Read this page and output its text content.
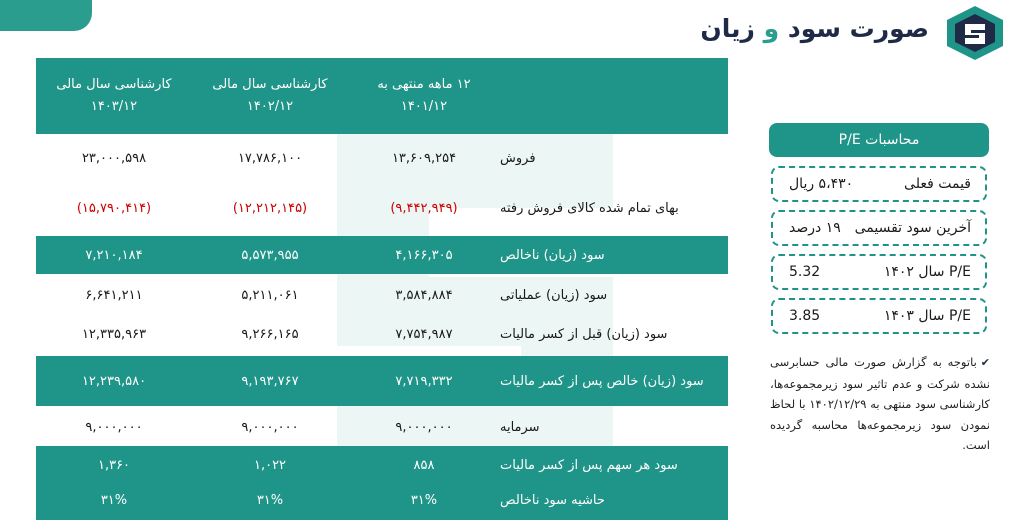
صورت سود و زیان
کارشناسی سال مالی
۱۴۰۳/۱۲
کارشناسی سال مالی
۱۴۰۲/۱۲
۱۲ ماهه منتهی به
۱۴۰۱/۱۲
۲۳,۰۰۰,۵۹۸	۱۷,۷۸۶,۱۰۰	۱۳,۶۰۹,۲۵۴	فروش
(۱۵,۷۹۰,۴۱۴)	(۱۲,۲۱۲,۱۴۵)	(۹,۴۴۲,۹۴۹)	بهای تمام شده کالای فروش رفته
۷,۲۱۰,۱۸۴	۵,۵۷۳,۹۵۵	۴,۱۶۶,۳۰۵	سود (زیان) ناخالص
۶,۶۴۱,۲۱۱	۵,۲۱۱,۰۶۱	۳,۵۸۴,۸۸۴	سود (زیان) عملیاتی
۱۲,۳۳۵,۹۶۳	۹,۲۶۶,۱۶۵	۷,۷۵۴,۹۸۷	سود (زیان) قبل از کسر مالیات
۱۲,۲۳۹,۵۸۰	۹,۱۹۳,۷۶۷	۷,۷۱۹,۳۳۲	سود (زیان) خالص پس از کسر مالیات
۹,۰۰۰,۰۰۰	۹,۰۰۰,۰۰۰	۹,۰۰۰,۰۰۰	سرمایه
۱,۳۶۰	۱,۰۲۲	۸۵۸	سود هر سهم پس از کسر مالیات
۳۱%	۳۱%	۳۱%	حاشیه سود ناخالص
محاسبات P/E
قیمت فعلی
۵،۴۳۰ ریال
آخرین سود تقسیمی
۱۹ درصد
P/E سال ۱۴۰۲
5.32
P/E سال ۱۴۰۳
3.85
✔باتوجه به گزارش صورت مالی حسابرسی نشده شرکت و عدم تاثیر سود زیرمجموعه‌ها، کارشناسی سود منتهی به ۱۴۰۲/۱۲/۲۹ با لحاظ نمودن سود زیرمجموعه‌ها محاسبه گردیده است.
